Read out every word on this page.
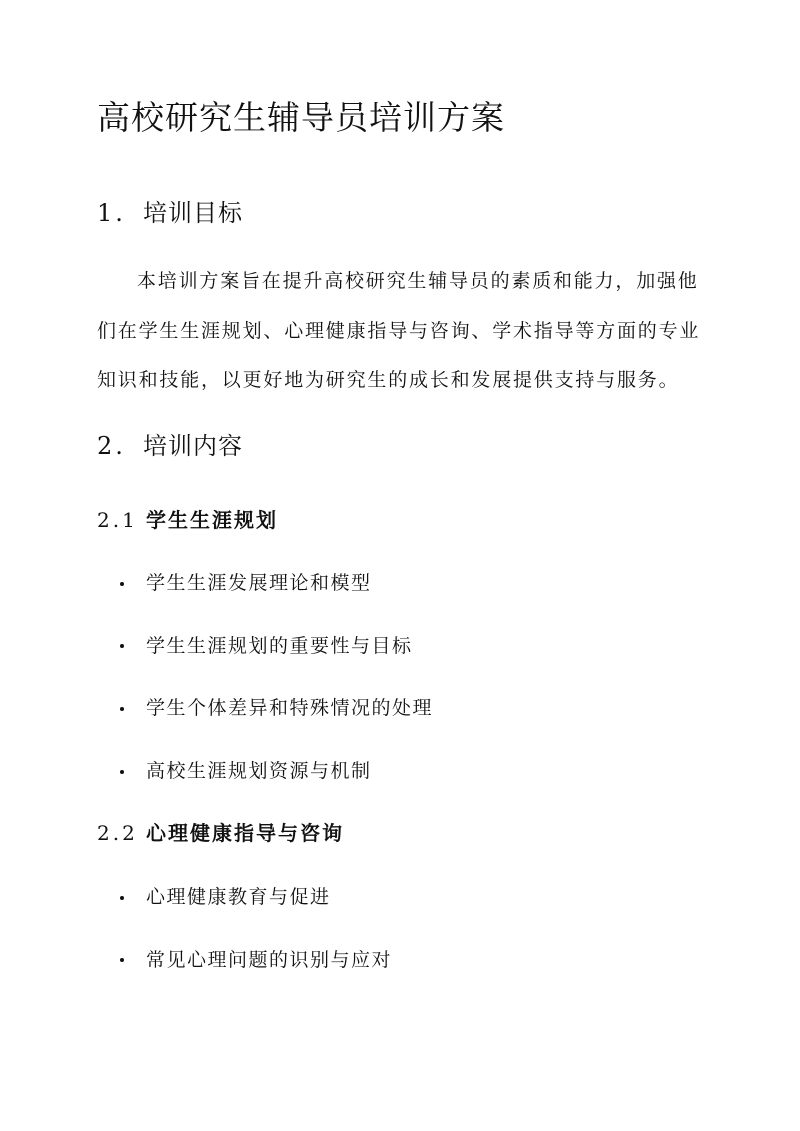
高校研究生辅导员培训方案
1. 培训目标

本培训方案旨在提升高校研究生辅导员的素质和能力，加强他
们在学生生涯规划、心理健康指导与咨询、学术指导等方面的专业
知识和技能，以更好地为研究生的成长和发展提供支持与服务。

2. 培训内容
2.1 学生生涯规划
学生生涯发展理论和模型
学生生涯规划的重要性与目标
学生个体差异和特殊情况的处理
高校生涯规划资源与机制
2.2 心理健康指导与咨询
心理健康教育与促进
常见心理问题的识别与应对
